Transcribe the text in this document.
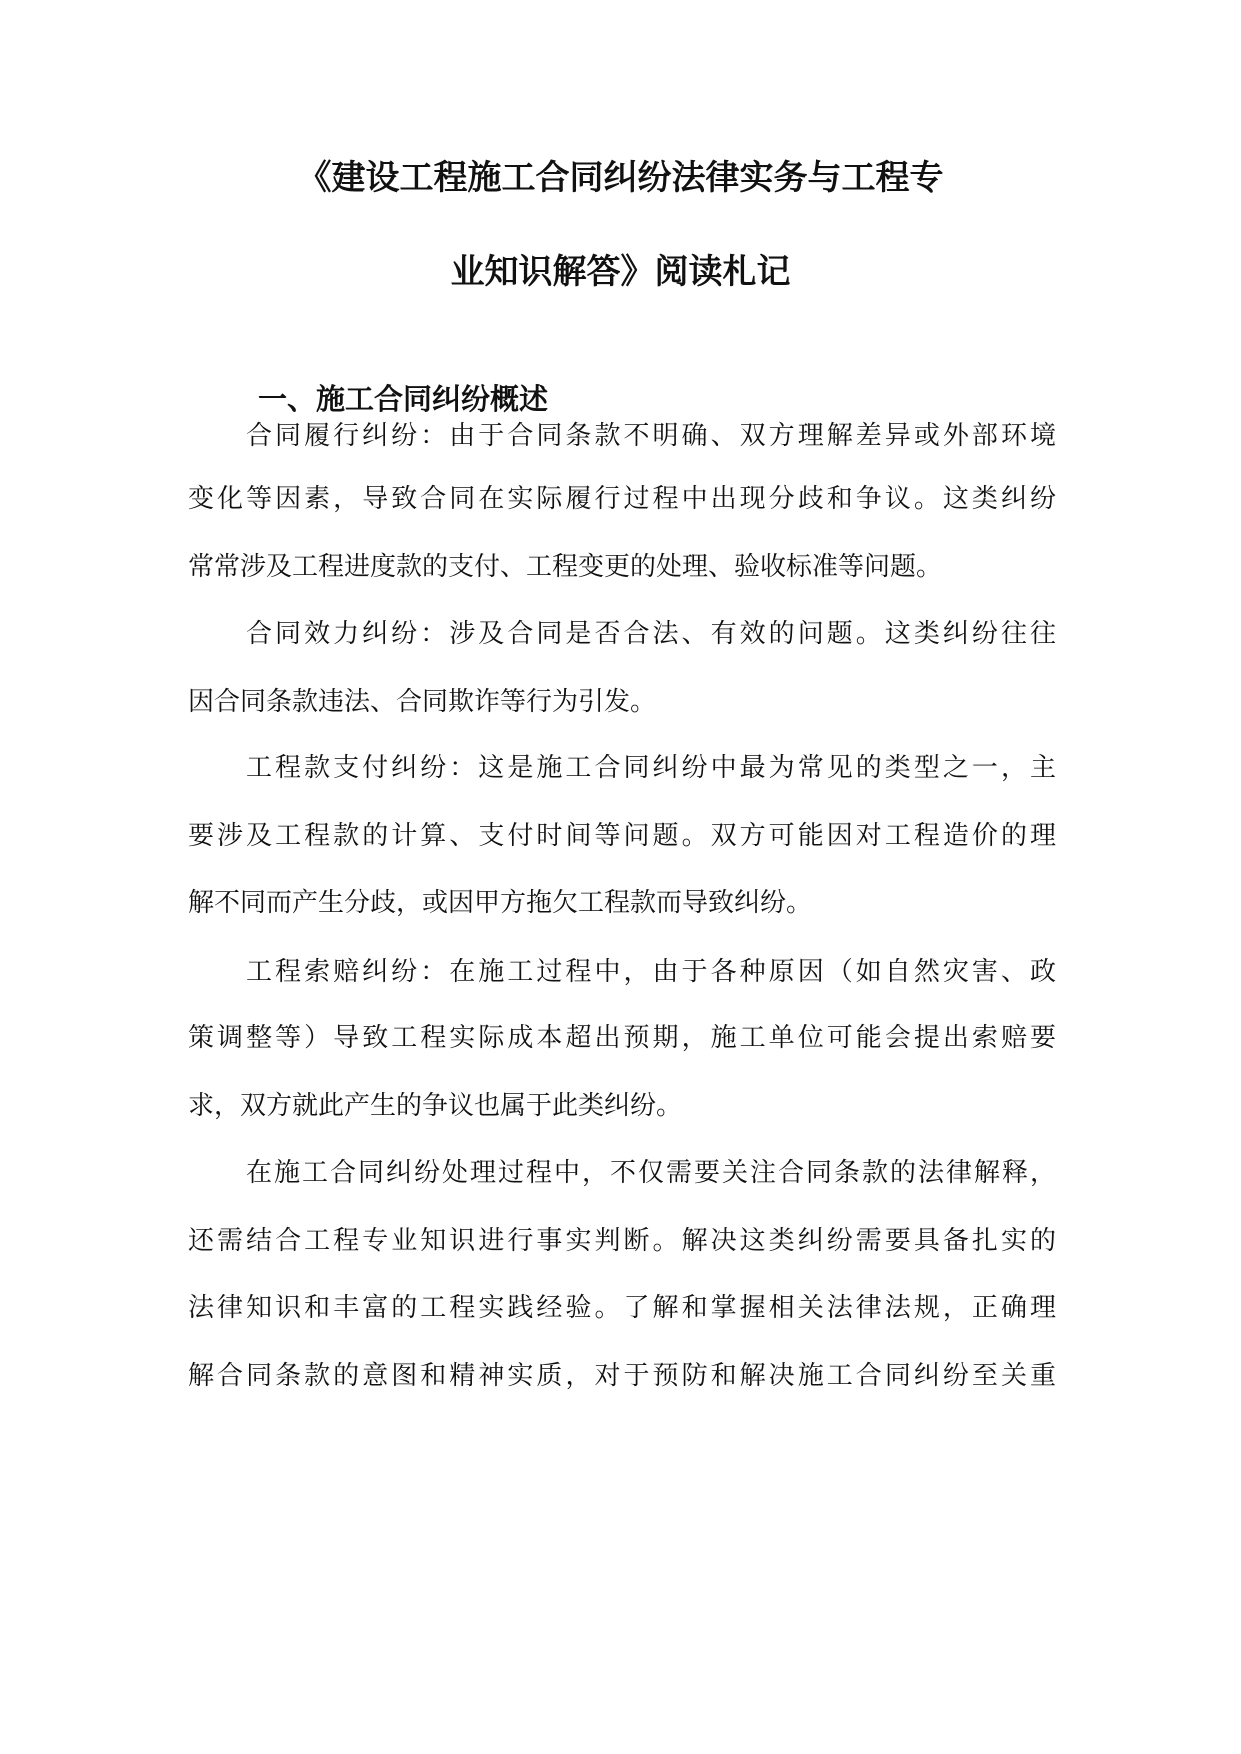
《建设工程施工合同纠纷法律实务与工程专
业知识解答》阅读札记
一、施工合同纠纷概述
合同履行纠纷：由于合同条款不明确、双方理解差异或外部环境
变化等因素，导致合同在实际履行过程中出现分歧和争议。这类纠纷
常常涉及工程进度款的支付、工程变更的处理、验收标准等问题。
合同效力纠纷：涉及合同是否合法、有效的问题。这类纠纷往往
因合同条款违法、合同欺诈等行为引发。
工程款支付纠纷：这是施工合同纠纷中最为常见的类型之一，主
要涉及工程款的计算、支付时间等问题。双方可能因对工程造价的理
解不同而产生分歧，或因甲方拖欠工程款而导致纠纷。
工程索赔纠纷：在施工过程中，由于各种原因（如自然灾害、政
策调整等）导致工程实际成本超出预期，施工单位可能会提出索赔要
求，双方就此产生的争议也属于此类纠纷。
在施工合同纠纷处理过程中，不仅需要关注合同条款的法律解释，
还需结合工程专业知识进行事实判断。解决这类纠纷需要具备扎实的
法律知识和丰富的工程实践经验。了解和掌握相关法律法规，正确理
解合同条款的意图和精神实质，对于预防和解决施工合同纠纷至关重
